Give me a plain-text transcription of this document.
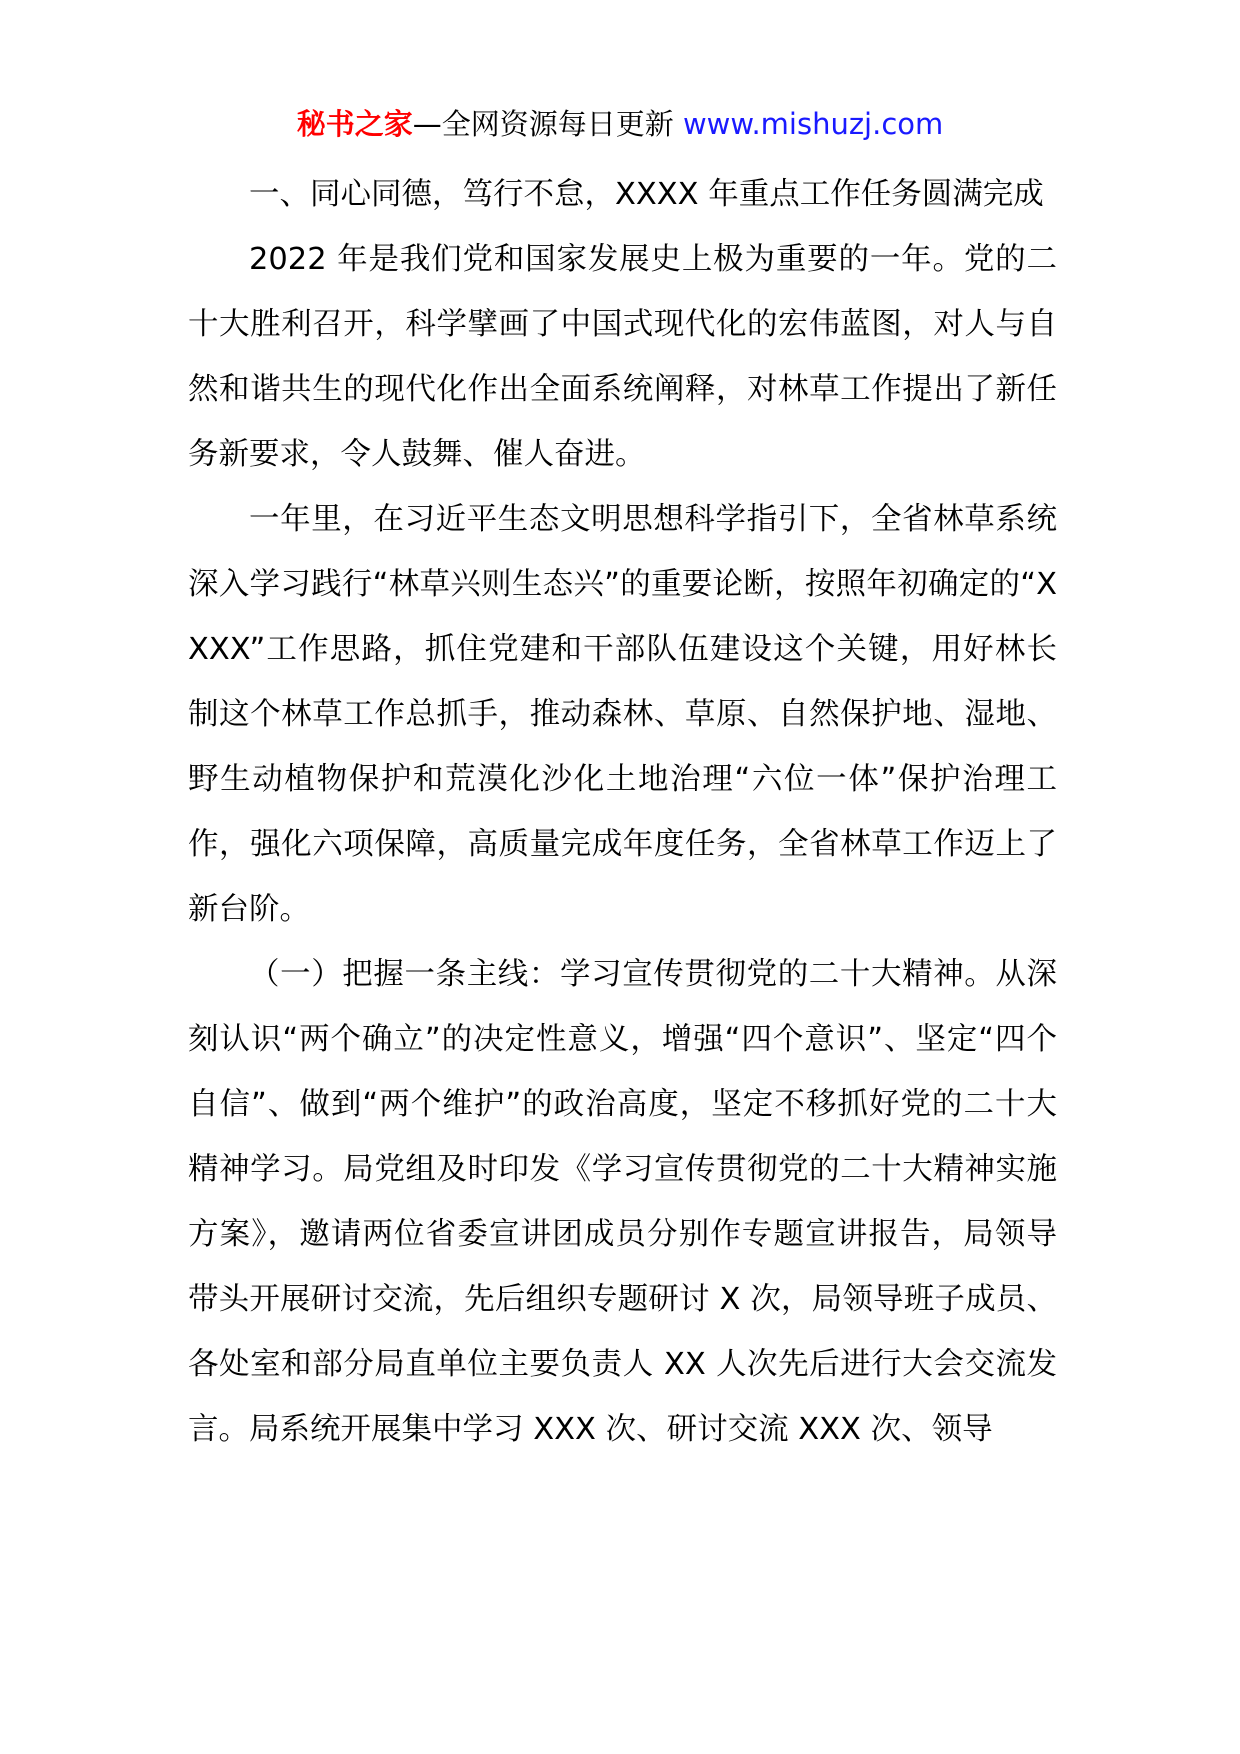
秘书之家—全网资源每日更新 www.mishuzj.com

一、同心同德，笃行不怠，XXXX 年重点工作任务圆满完成

2022 年是我们党和国家发展史上极为重要的一年。党的二十大胜利召开，科学擘画了中国式现代化的宏伟蓝图，对人与自然和谐共生的现代化作出全面系统阐释，对林草工作提出了新任务新要求，令人鼓舞、催人奋进。

一年里，在习近平生态文明思想科学指引下，全省林草系统深入学习践行“林草兴则生态兴”的重要论断，按照年初确定的“XXXX”工作思路，抓住党建和干部队伍建设这个关键，用好林长制这个林草工作总抓手，推动森林、草原、自然保护地、湿地、野生动植物保护和荒漠化沙化土地治理“六位一体”保护治理工作，强化六项保障，高质量完成年度任务，全省林草工作迈上了新台阶。

（一）把握一条主线：学习宣传贯彻党的二十大精神。从深刻认识“两个确立”的决定性意义，增强“四个意识”、坚定“四个自信”、做到“两个维护”的政治高度，坚定不移抓好党的二十大精神学习。局党组及时印发《学习宣传贯彻党的二十大精神实施方案》，邀请两位省委宣讲团成员分别作专题宣讲报告，局领导带头开展研讨交流，先后组织专题研讨 X 次，局领导班子成员、各处室和部分局直单位主要负责人 XX 人次先后进行大会交流发言。局系统开展集中学习 XXX 次、研讨交流 XXX 次、领导
